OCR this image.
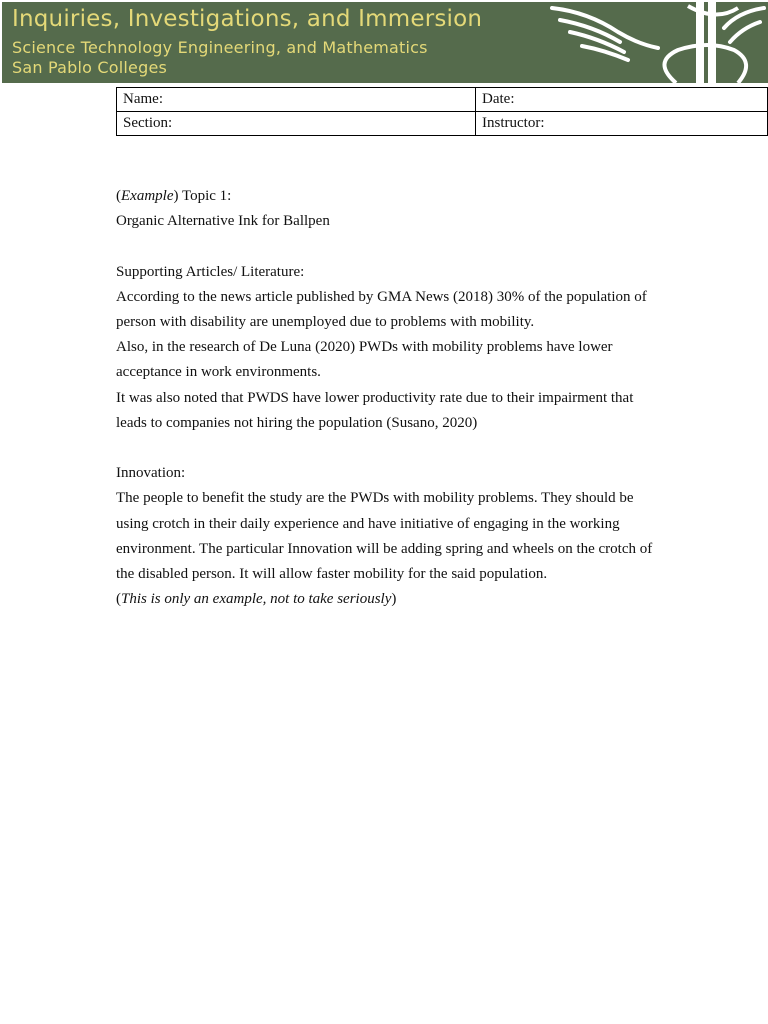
Inquiries, Investigations, and Immersion
Science Technology Engineering, and Mathematics
San Pablo Colleges
Name:	Date:
Section:	Instructor:

(Example) Topic 1:

Organic Alternative Ink for Ballpen

Supporting Articles/ Literature:

According to the news article published by GMA News (2018) 30% of the population of person with disability are unemployed due to problems with mobility.

Also, in the research of De Luna (2020) PWDs with mobility problems have lower acceptance in work environments.

It was also noted that PWDS have lower productivity rate due to their impairment that leads to companies not hiring the population (Susano, 2020)

Innovation:

The people to benefit the study are the PWDs with mobility problems. They should be using crotch in their daily experience and have initiative of engaging in the working environment. The particular Innovation will be adding spring and wheels on the crotch of the disabled person. It will allow faster mobility for the said population.

(This is only an example, not to take seriously)
